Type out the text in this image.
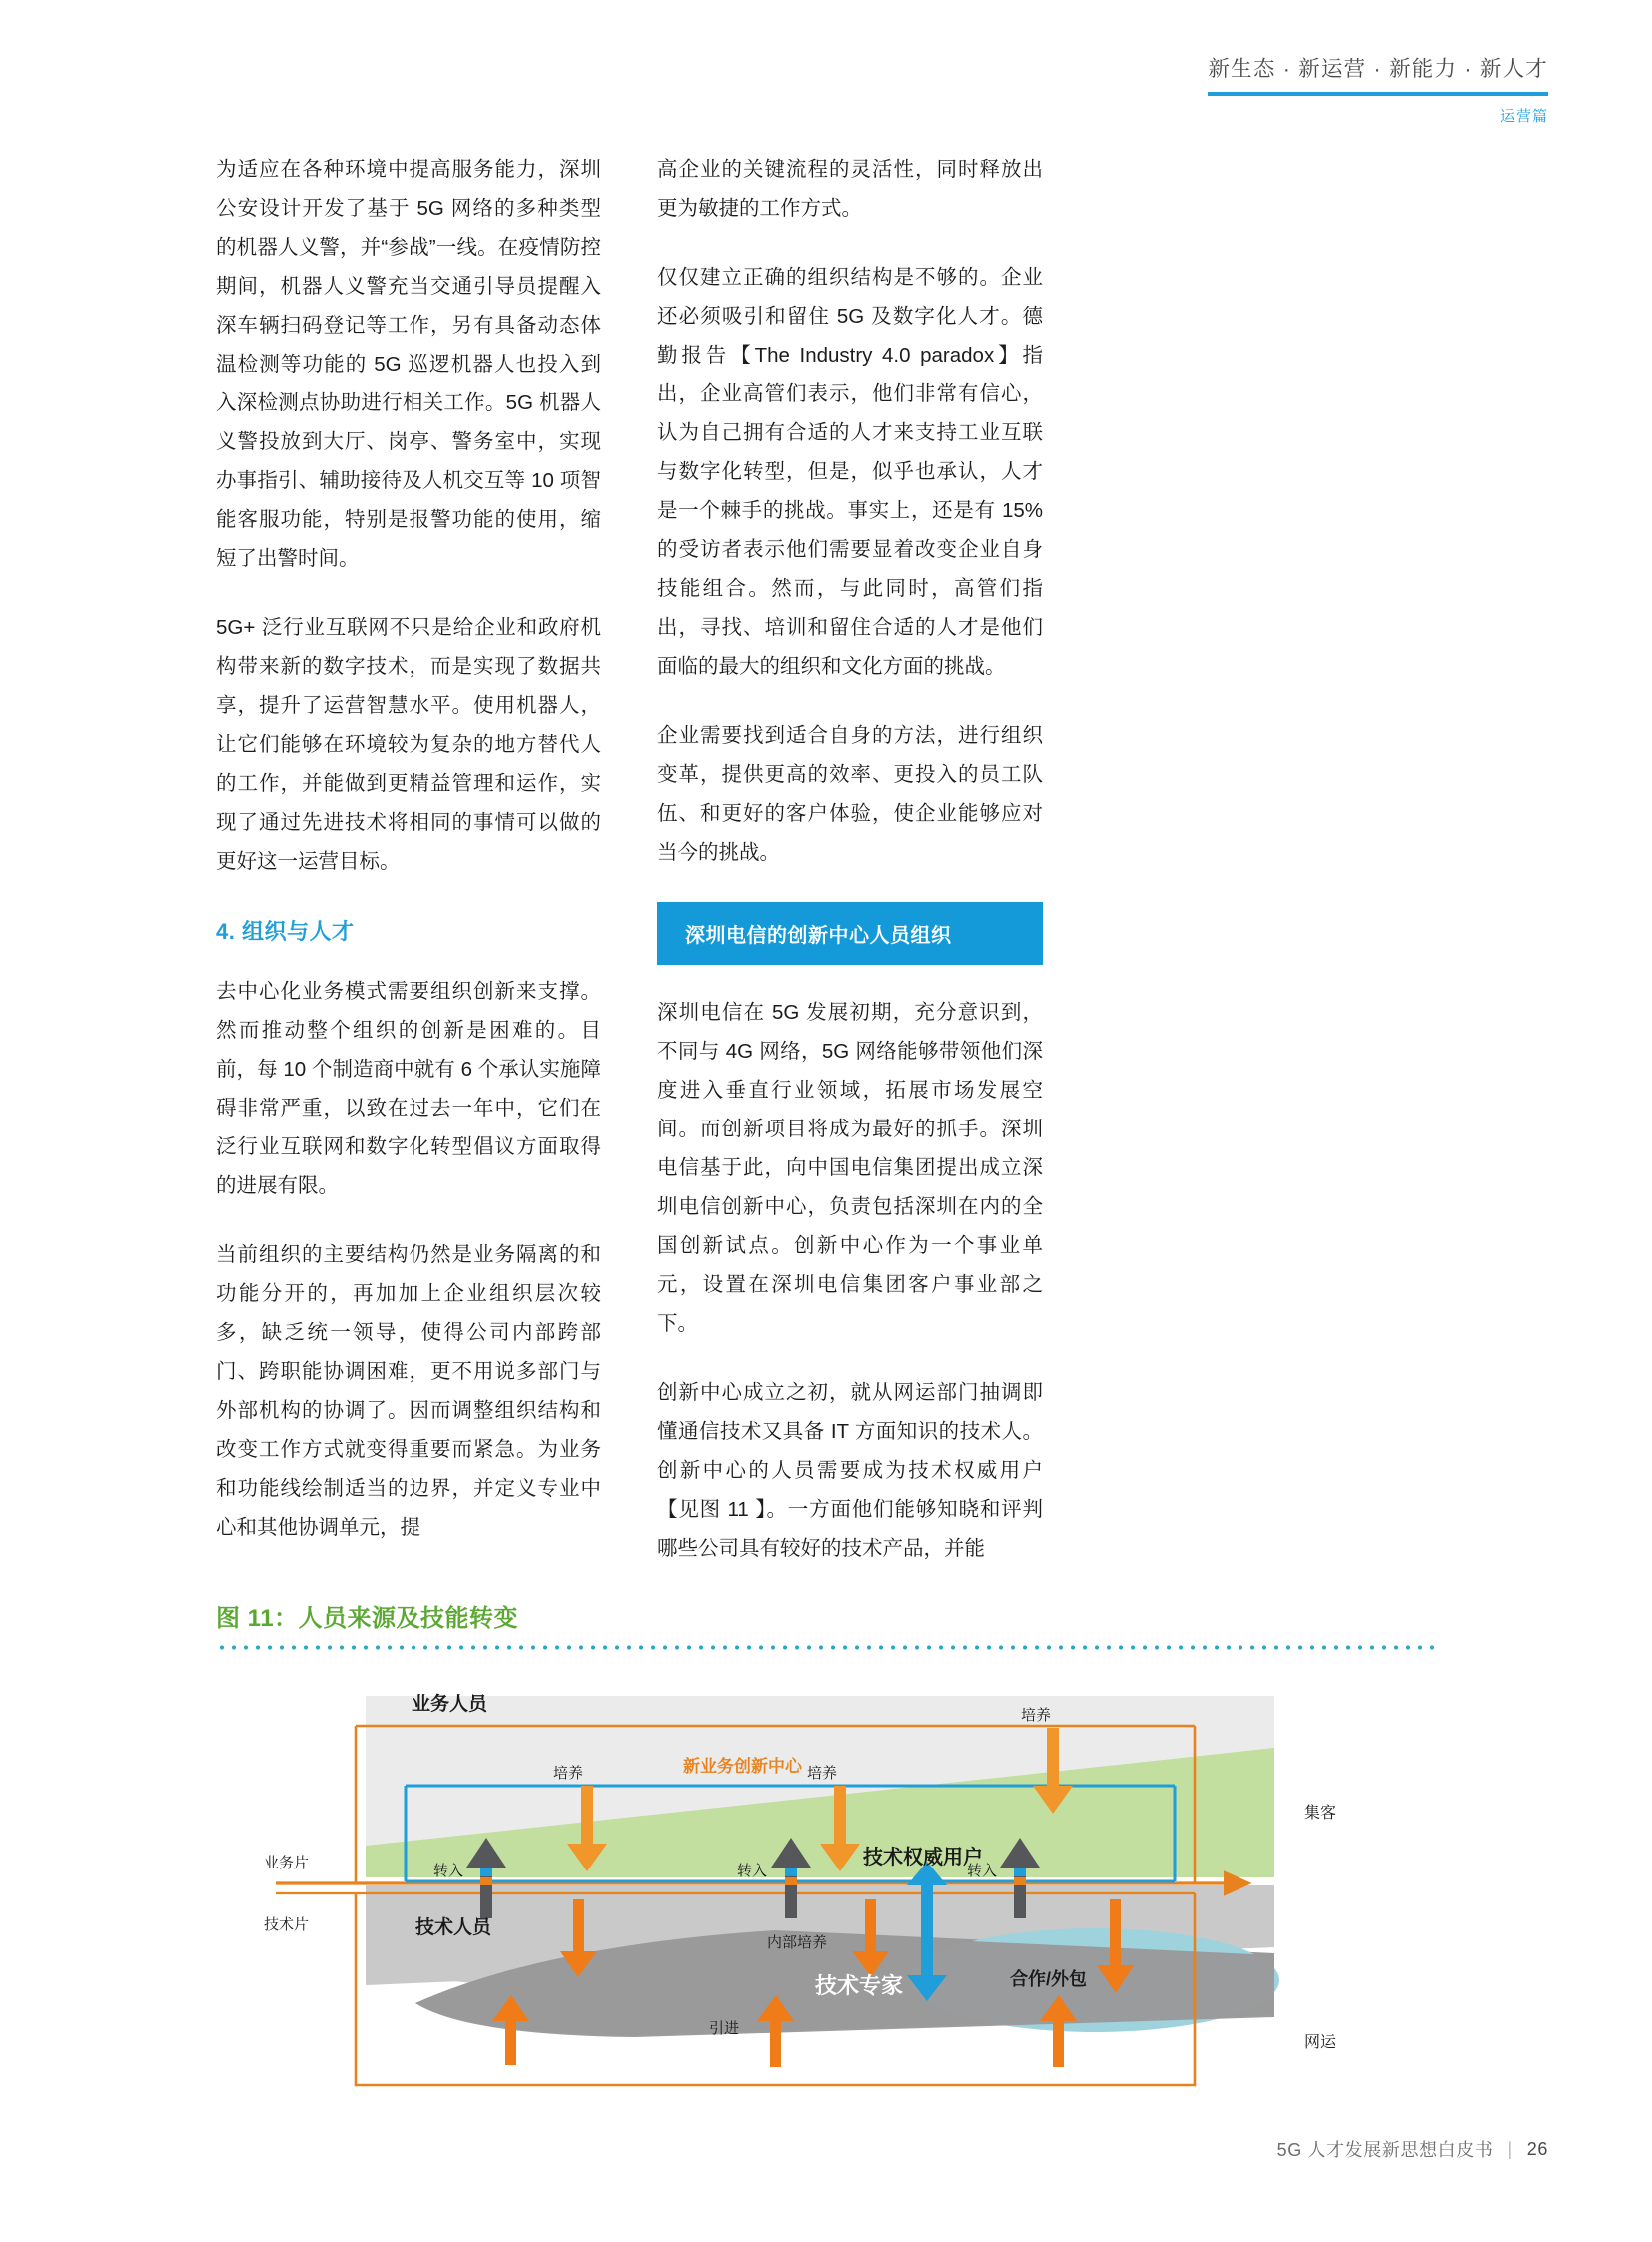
新生态 · 新运营 · 新能力 · 新人才
运营篇

为适应在各种环境中提高服务能力，深圳公安设计开发了基于 5G 网络的多种类型的机器人义警，并“参战”一线。在疫情防控期间，机器人义警充当交通引导员提醒入深车辆扫码登记等工作，另有具备动态体温检测等功能的 5G 巡逻机器人也投入到入深检测点协助进行相关工作。5G 机器人义警投放到大厅、岗亭、警务室中，实现办事指引、辅助接待及人机交互等 10 项智能客服功能，特别是报警功能的使用，缩短了出警时间。

5G+ 泛行业互联网不只是给企业和政府机构带来新的数字技术，而是实现了数据共享，提升了运营智慧水平。使用机器人，让它们能够在环境较为复杂的地方替代人的工作，并能做到更精益管理和运作，实现了通过先进技术将相同的事情可以做的更好这一运营目标。

4. 组织与人才

去中心化业务模式需要组织创新来支撑。然而推动整个组织的创新是困难的。目前，每 10 个制造商中就有 6 个承认实施障碍非常严重，以致在过去一年中，它们在泛行业互联网和数字化转型倡议方面取得的进展有限。

当前组织的主要结构仍然是业务隔离的和功能分开的，再加加上企业组织层次较多，缺乏统一领导，使得公司内部跨部门、跨职能协调困难，更不用说多部门与外部机构的协调了。因而调整组织结构和改变工作方式就变得重要而紧急。为业务和功能线绘制适当的边界，并定义专业中心和其他协调单元，提

高企业的关键流程的灵活性，同时释放出更为敏捷的工作方式。

仅仅建立正确的组织结构是不够的。企业还必须吸引和留住 5G 及数字化人才。德勤报告【The Industry 4.0 paradox】指出，企业高管们表示，他们非常有信心，认为自己拥有合适的人才来支持工业互联与数字化转型，但是，似乎也承认，人才是一个棘手的挑战。事实上，还是有 15% 的受访者表示他们需要显着改变企业自身技能组合。然而，与此同时，高管们指出，寻找、培训和留住合适的人才是他们面临的最大的组织和文化方面的挑战。

企业需要找到适合自身的方法，进行组织变革，提供更高的效率、更投入的员工队伍、和更好的客户体验，使企业能够应对当今的挑战。

深圳电信的创新中心人员组织

深圳电信在 5G 发展初期，充分意识到，不同与 4G 网络，5G 网络能够带领他们深度进入垂直行业领域，拓展市场发展空间。而创新项目将成为最好的抓手。深圳电信基于此，向中国电信集团提出成立深圳电信创新中心，负责包括深圳在内的全国创新试点。创新中心作为一个事业单元，设置在深圳电信集团客户事业部之下。

创新中心成立之初，就从网运部门抽调即懂通信技术又具备 IT 方面知识的技术人。创新中心的人员需要成为技术权威用户【见图 11 】。一方面他们能够知晓和评判哪些公司具有较好的技术产品，并能

图 11：人员来源及技能转变
业务人员
技术人员
技术专家
技术权威用户
合作/外包
新业务创新中心
培养	培养
培养
转入	转入	转入
内部培养
引进
业务片
技术片
集客
网运
5G 人才发展新思想白皮书 | 26
